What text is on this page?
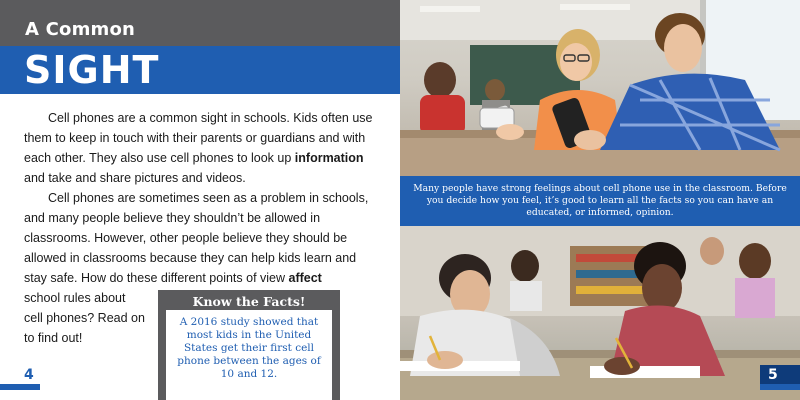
A Common
SIGHT

Cell phones are a common sight in schools. Kids often use them to keep in touch with their parents or guardians and with each other. They also use cell phones to look up information and take and share pictures and videos.

Cell phones are sometimes seen as a problem in schools, and many people believe they shouldn’t be allowed in classrooms. However, other people believe they should be allowed in classrooms because they can help kids learn and stay safe. How do these different points of view affect

school rules about cell phones? Read on to find out!
Know the Facts!
A 2016 study showed that most kids in the United States get their first cell phone between the ages of 10 and 12.
4
Many people have strong feelings about cell phone use in the classroom. Before you decide how you feel, it’s good to learn all the facts so you can have an educated, or informed, opinion.
5
